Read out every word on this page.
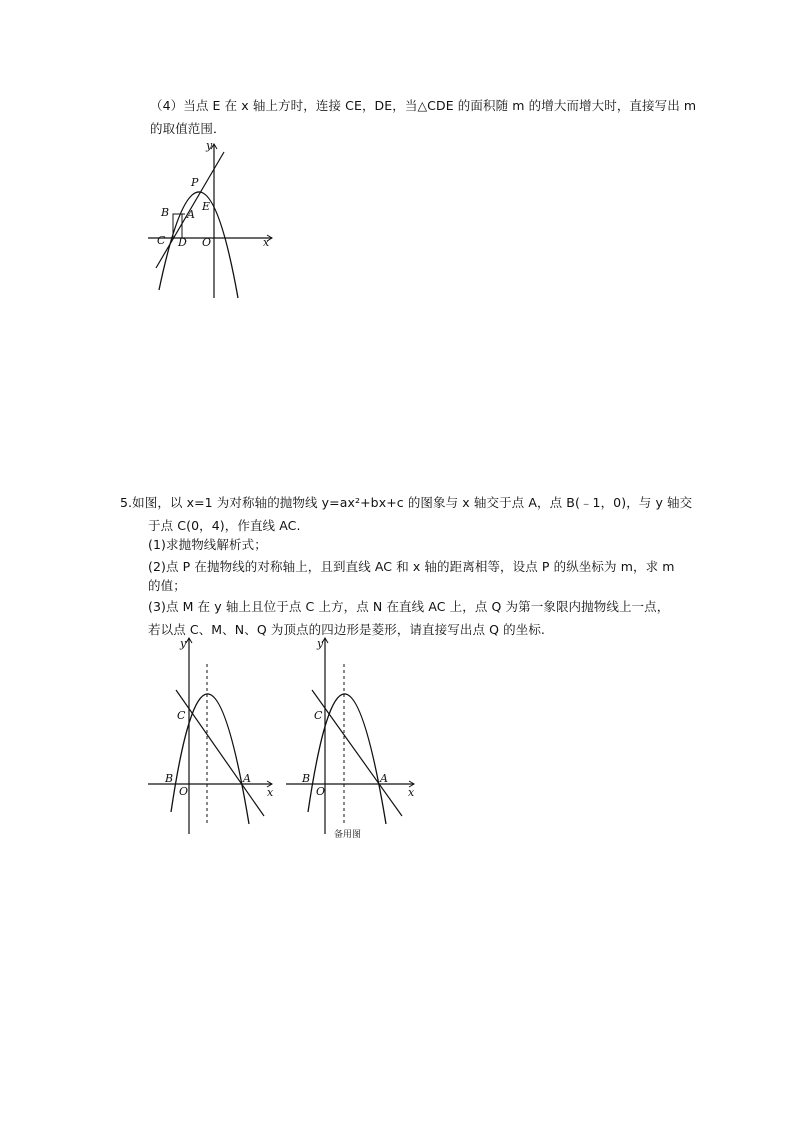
（4）当点 E 在 x 轴上方时，连接 CE，DE，当△CDE 的面积随 m 的增大而增大时，直接写出 m
的取值范围．
y
x
P
B A
E
C D O
5.如图，以 x=1 为对称轴的抛物线 y=ax²+bx+c 的图象与 x 轴交于点 A，点 B(﹣1，0)，与 y 轴交
于点 C(0，4)，作直线 AC.
(1)求抛物线解析式；
(2)点 P 在抛物线的对称轴上，且到直线 AC 和 x 轴的距离相等，设点 P 的纵坐标为 m，求 m
的值；
(3)点 M 在 y 轴上且位于点 C 上方，点 N 在直线 AC 上，点 Q 为第一象限内抛物线上一点，
若以点 C、M、N、Q 为顶点的四边形是菱形，请直接写出点 Q 的坐标.
y
C
B
O
A
x
y
C
B
O
A
x
备用图
